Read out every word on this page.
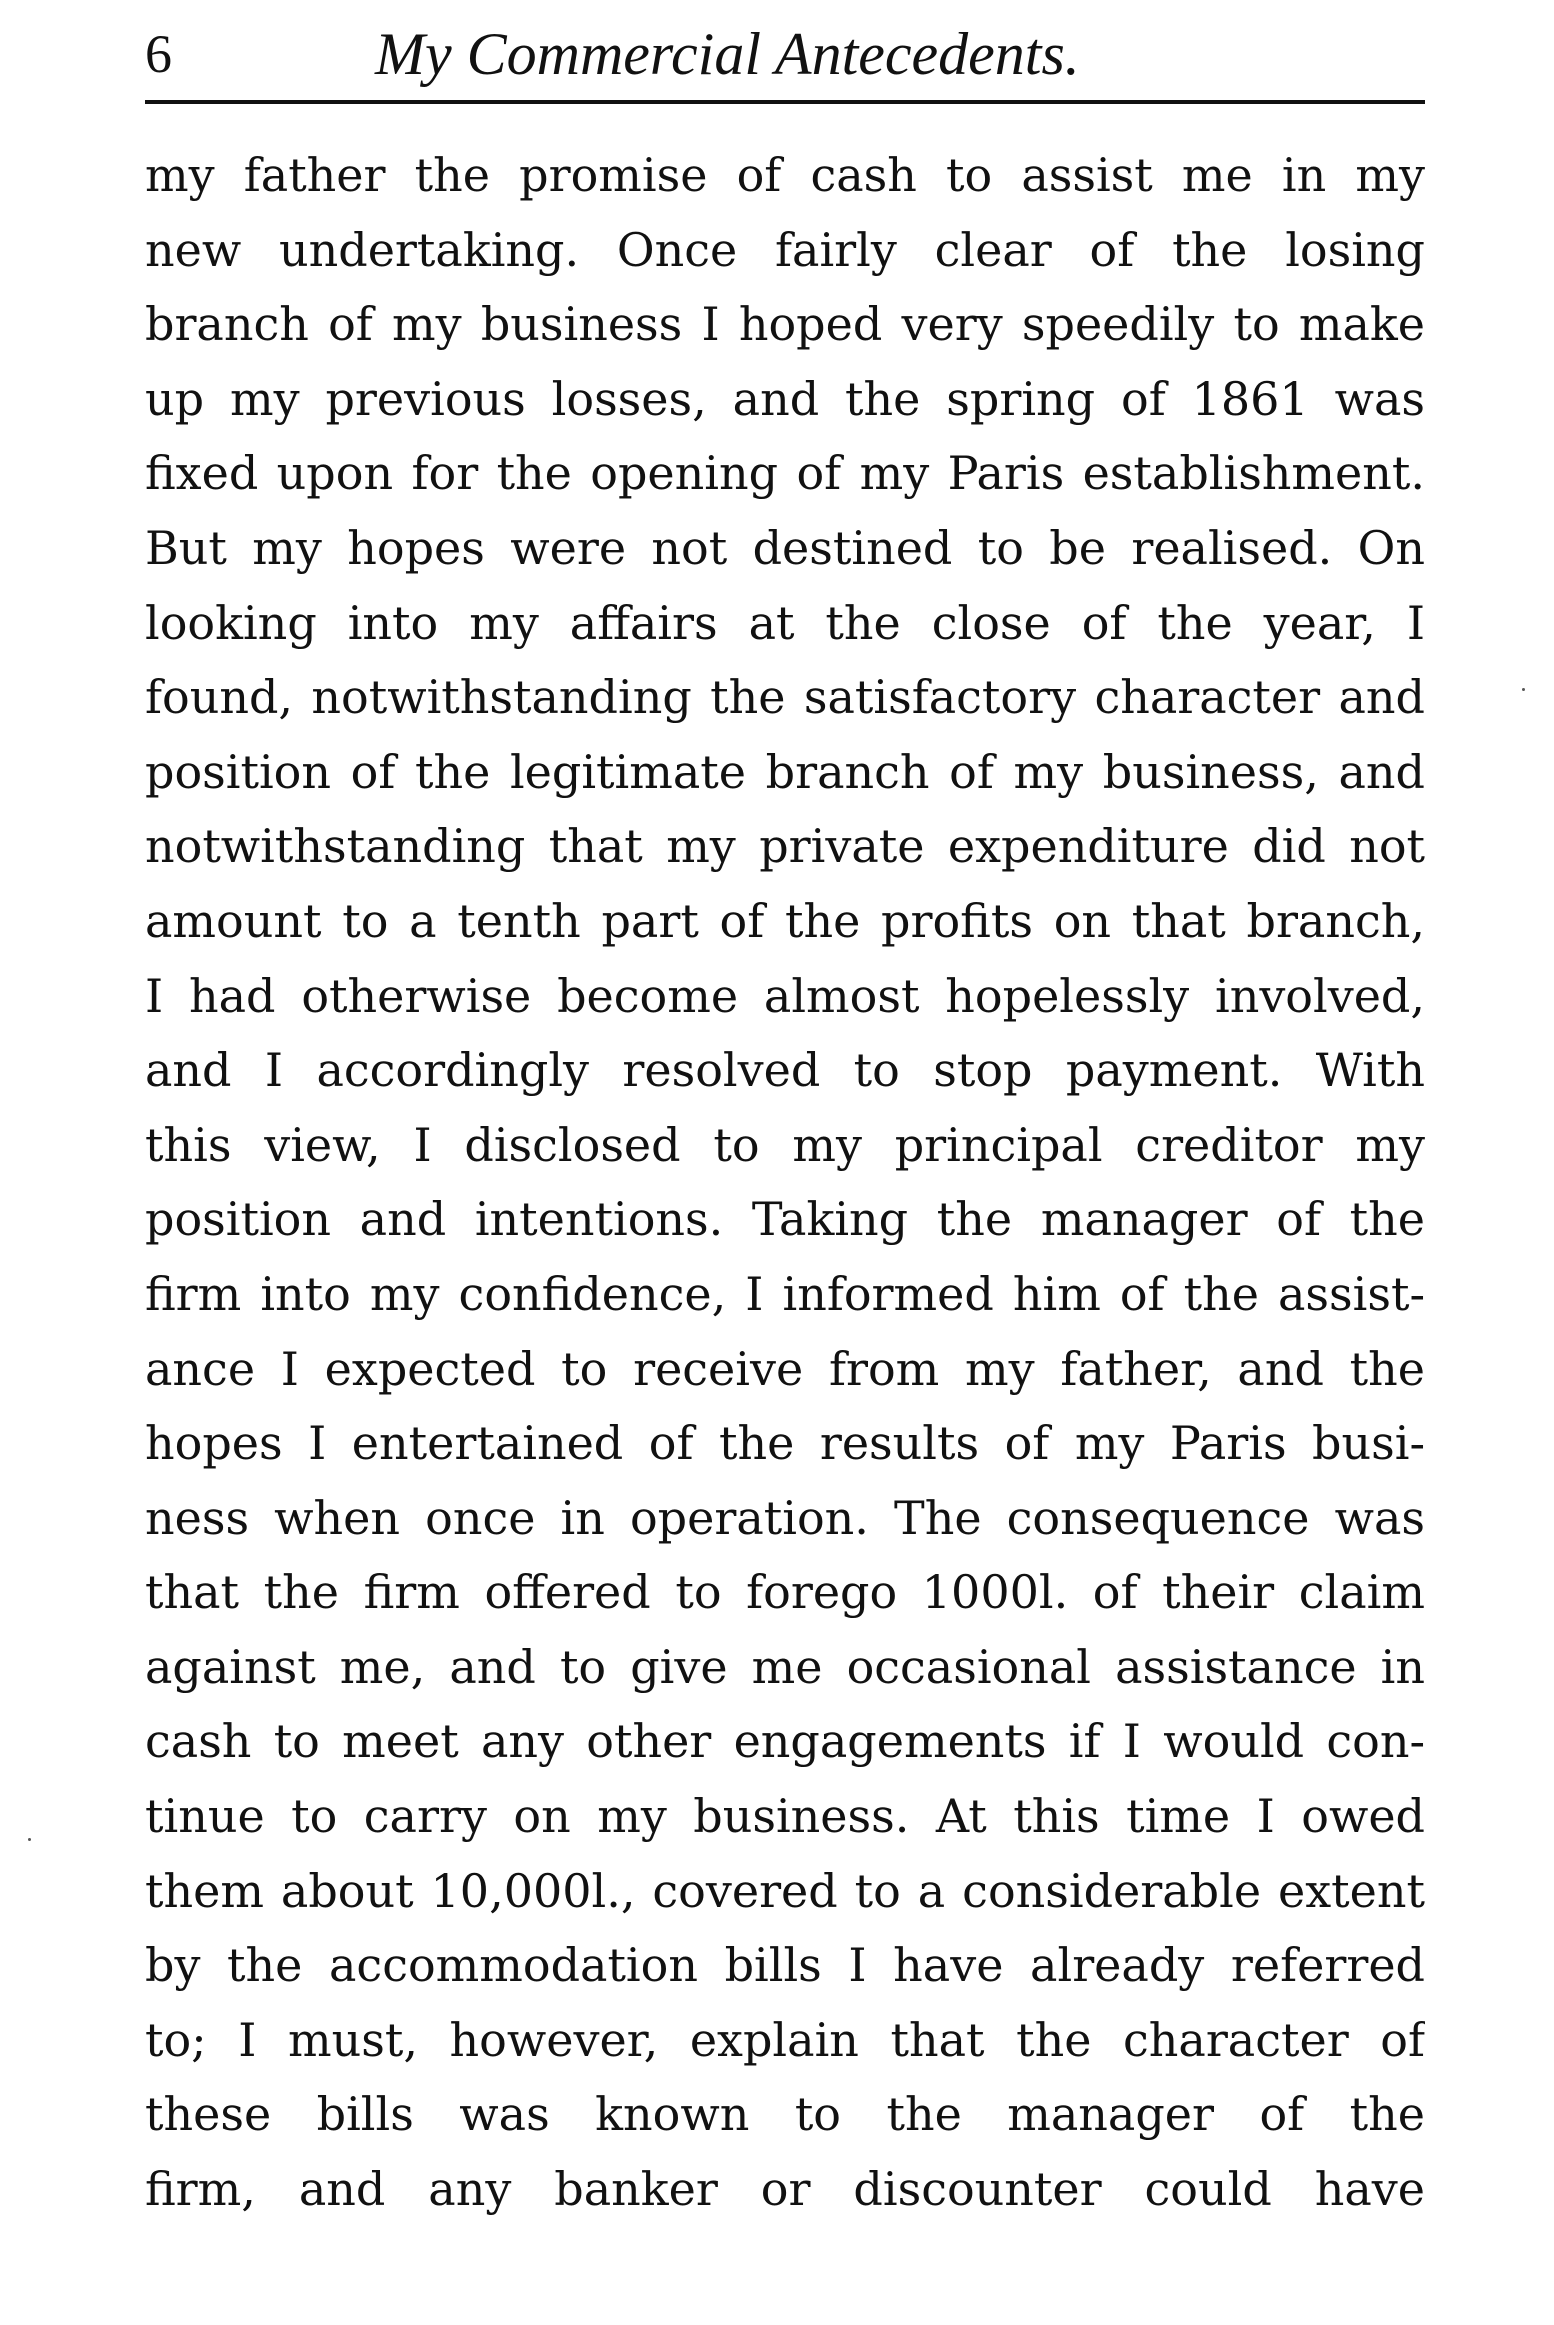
6	My Commercial Antecedents.
my father the promise of cash to assist me in my
new undertaking. Once fairly clear of the losing
branch of my business I hoped very speedily to make
up my previous losses, and the spring of 1861 was
fixed upon for the opening of my Paris establishment.
But my hopes were not destined to be realised. On
looking into my affairs at the close of the year, I
found, notwithstanding the satisfactory character and
position of the legitimate branch of my business, and
notwithstanding that my private expenditure did not
amount to a tenth part of the profits on that branch,
I had otherwise become almost hopelessly involved,
and I accordingly resolved to stop payment. With
this view, I disclosed to my principal creditor my
position and intentions. Taking the manager of the
firm into my confidence, I informed him of the assist-
ance I expected to receive from my father, and the
hopes I entertained of the results of my Paris busi-
ness when once in operation. The consequence was
that the firm offered to forego 1000l. of their claim
against me, and to give me occasional assistance in
cash to meet any other engagements if I would con-
tinue to carry on my business. At this time I owed
them about 10,000l., covered to a considerable extent
by the accommodation bills I have already referred
to; I must, however, explain that the character of
these bills was known to the manager of the
firm, and any banker or discounter could have
